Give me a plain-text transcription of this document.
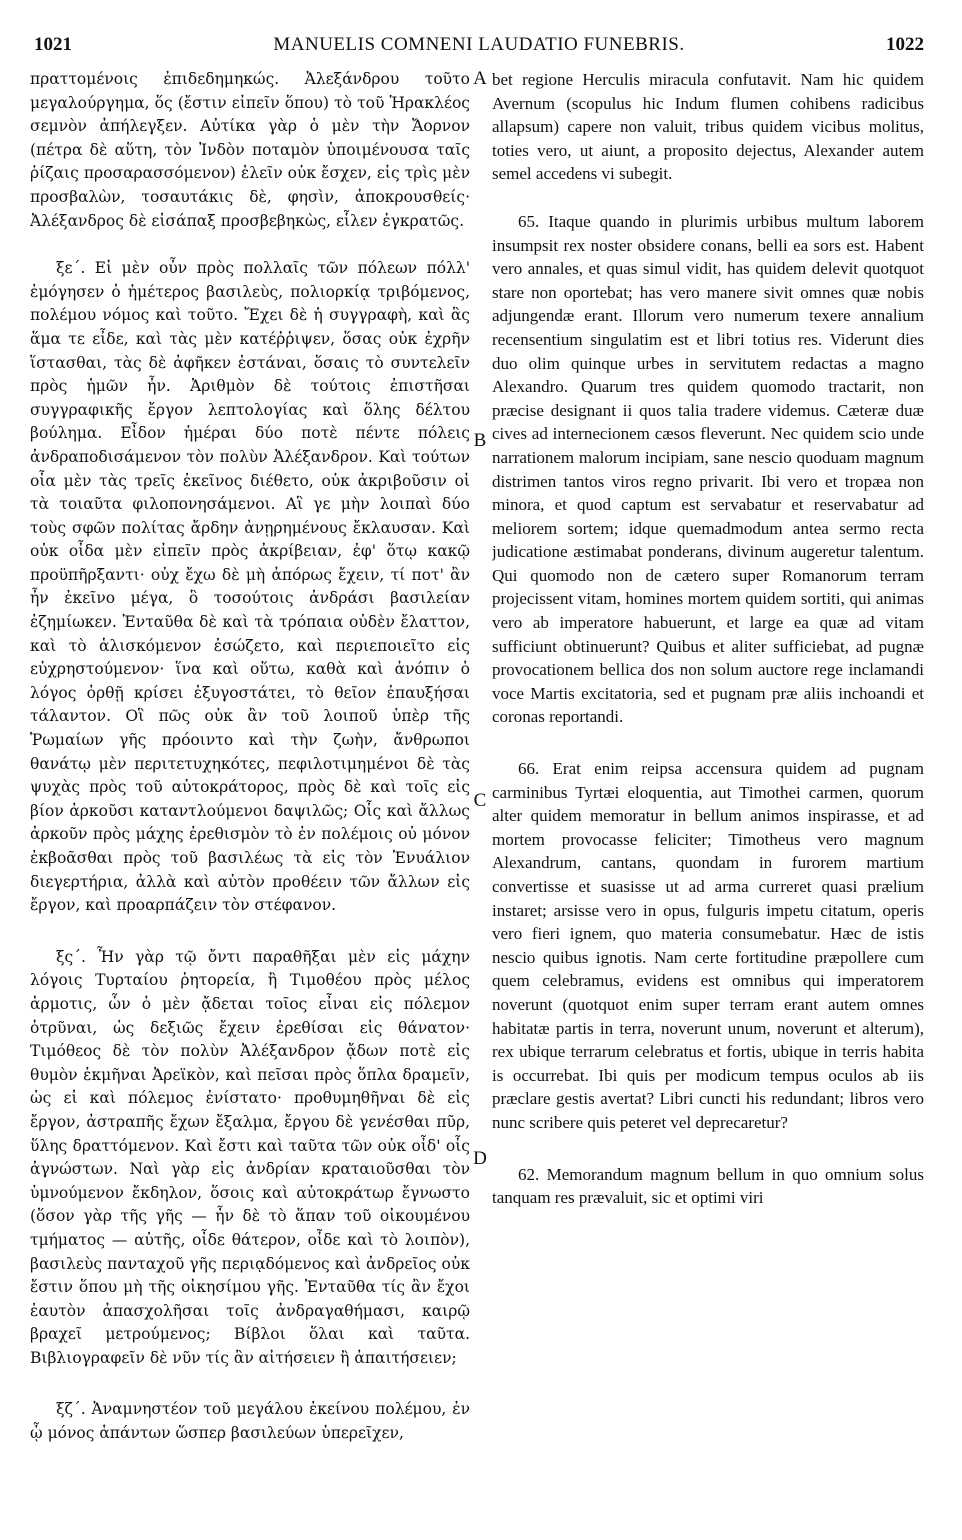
1021	MANUELIS COMNENI LAUDATIO FUNEBRIS.	1022

πραττομένοις ἐπιδεδημηκώς. Ἀλεξάνδρου τοῦτο μεγαλούργημα, ὅς (ἔστιν εἰπεῖν ὅπου) τὸ τοῦ Ἡρακλέος σεμνὸν ἀπήλεγξεν. Αὐτίκα γὰρ ὁ μὲν τὴν Ἄορνον (πέτρα δὲ αὕτη, τὸν Ἰνδὸν ποταμὸν ὑποιμένουσα ταῖς ῥίζαις προσαρασσόμενον) ἑλεῖν οὐκ ἔσχεν, εἰς τρὶς μὲν προσβαλὼν, τοσαυτάκις δὲ, φησὶν, ἀποκρουσθείς· Ἀλέξανδρος δὲ εἰσάπαξ προσβεβηκὼς, εἷλεν ἐγκρατῶς.

ξε΄. Εἰ μὲν οὖν πρὸς πολλαῖς τῶν πόλεων πόλλ' ἐμόγησεν ὁ ἡμέτερος βασιλεὺς, πολιορκίᾳ τριβόμενος, πολέμου νόμος καὶ τοῦτο. Ἔχει δὲ ἡ συγγραφὴ, καὶ ἃς ἅμα τε εἶδε, καὶ τὰς μὲν κατέῤῥιψεν, ὅσας οὐκ ἐχρῆν ἵστασθαι, τὰς δὲ ἀφῆκεν ἑστάναι, ὅσαις τὸ συντελεῖν πρὸς ἡμῶν ἦν. Ἀριθμὸν δὲ τούτοις ἐπιστῆσαι συγγραφικῆς ἔργον λεπτολογίας καὶ ὅλης δέλτου βούλημα. Εἶδον ἡμέραι δύο ποτὲ πέντε πόλεις ἀνδραποδισάμενον τὸν πολὺν Ἀλέξανδρον. Καὶ τούτων οἷα μὲν τὰς τρεῖς ἐκεῖνος διέθετο, οὐκ ἀκριβοῦσιν οἱ τὰ τοιαῦτα φιλοπονησάμενοι. Αἳ γε μὴν λοιπαὶ δύο τοὺς σφῶν πολίτας ἄρδην ἀνῃρημένους ἔκλαυσαν. Καὶ οὐκ οἶδα μὲν εἰπεῖν πρὸς ἀκρίβειαν, ἐφ' ὅτῳ κακῷ προϋπῆρξαντι· οὐχ ἔχω δὲ μὴ ἀπόρως ἔχειν, τί ποτ' ἂν ἦν ἐκεῖνο μέγα, ὃ τοσούτοις ἀνδράσι βασιλείαν ἐζημίωκεν. Ἐνταῦθα δὲ καὶ τὰ τρόπαια οὐδὲν ἔλαττον, καὶ τὸ ἁλισκόμενον ἐσώζετο, καὶ περιεποιεῖτο εἰς εὐχρηστούμενον· ἵνα καὶ οὕτω, καθὰ καὶ ἀνόπιν ὁ λόγος ὀρθῇ κρίσει ἐξυγοστάτει, τὸ θεῖον ἐπαυξήσαι τάλαντον. Οἳ πῶς οὐκ ἂν τοῦ λοιποῦ ὑπὲρ τῆς Ῥωμαίων γῆς πρόοιντο καὶ τὴν ζωὴν, ἄνθρωποι θανάτῳ μὲν περιτετυχηκότες, πεφιλοτιμημένοι δὲ τὰς ψυχὰς πρὸς τοῦ αὐτοκράτορος, πρὸς δὲ καὶ τοῖς εἰς βίον ἀρκοῦσι καταντλούμενοι δαψιλῶς; Οἷς καὶ ἄλλως ἀρκοῦν πρὸς μάχης ἐρεθισμὸν τὸ ἐν πολέμοις οὐ μόνον ἐκβοᾶσθαι πρὸς τοῦ βασιλέως τὰ εἰς τὸν Ἐνυάλιον διεγερτήρια, ἀλλὰ καὶ αὐτὸν προθέειν τῶν ἄλλων εἰς ἔργον, καὶ προαρπάζειν τὸν στέφανον.

ξς΄. Ἦν γὰρ τῷ ὄντι παραθῆξαι μὲν εἰς μάχην λόγοις Τυρταίου ῥητορεία, ἢ Τιμοθέου πρὸς μέλος ἁρμοτις, ὧν ὁ μὲν ᾄδεται τοῖος εἶναι εἰς πόλεμον ὀτρῦναι, ὡς δεξιῶς ἔχειν ἐρεθίσαι εἰς θάνατον· Τιμόθεος δὲ τὸν πολὺν Ἀλέξανδρον ᾄδων ποτὲ εἰς θυμὸν ἐκμῆναι Ἀρεϊκὸν, καὶ πεῖσαι πρὸς ὅπλα δραμεῖν, ὡς εἰ καὶ πόλεμος ἐνίστατο· προθυμηθῆναι δὲ εἰς ἔργον, ἀστραπῆς ἔχων ἔξαλμα, ἔργου δὲ γενέσθαι πῦρ, ὕλης δραττόμενον. Καὶ ἔστι καὶ ταῦτα τῶν οὐκ οἶδ' οἷς ἀγνώστων. Ναὶ γὰρ εἰς ἀνδρίαν κραταιοῦσθαι τὸν ὑμνούμενον ἔκδηλον, ὅσοις καὶ αὐτοκράτωρ ἔγνωστο (ὅσον γὰρ τῆς γῆς — ἦν δὲ τὸ ἅπαν τοῦ οἰκουμένου τμήματος — αὐτῆς, οἶδε θάτερον, οἶδε καὶ τὸ λοιπὸν), βασιλεὺς πανταχοῦ γῆς περιᾳδόμενος καὶ ἀνδρεῖος οὐκ ἔστιν ὅπου μὴ τῆς οἰκησίμου γῆς. Ἐνταῦθα τίς ἂν ἔχοι ἑαυτὸν ἀπασχολῆσαι τοῖς ἀνδραγαθήμασι, καιρῷ βραχεῖ μετρούμενος; Βίβλοι ὅλαι καὶ ταῦτα. Βιβλιογραφεῖν δὲ νῦν τίς ἂν αἰτήσειεν ἢ ἀπαιτήσειεν;

ξζ΄. Ἀναμνηστέον τοῦ μεγάλου ἐκείνου πολέμου, ἐν ᾧ μόνος ἁπάντων ὥσπερ βασιλεύων ὑπερεῖχεν,

bet regione Herculis miracula confutavit. Nam hic quidem Avernum (scopulus hic Indum flumen cohibens radicibus allapsum) capere non valuit, tribus quidem vicibus molitus, toties vero, ut aiunt, a proposito dejectus, Alexander autem semel accedens vi subegit.

65. Itaque quando in plurimis urbibus multum laborem insumpsit rex noster obsidere conans, belli ea sors est. Habent vero annales, et quas simul vidit, has quidem delevit quotquot stare non oportebat; has vero manere sivit omnes quæ nobis adjungendæ erant. Illorum vero numerum texere annalium recensentium singulatim est et libri totius res. Viderunt dies duo olim quinque urbes in servitutem redactas a magno Alexandro. Quarum tres quidem quomodo tractarit, non præcise designant ii quos talia tradere videmus. Cæteræ duæ cives ad internecionem cæsos fleverunt. Nec quidem scio unde narrationem malorum incipiam, sane nescio quoduam magnum distrimen tantos viros regno privarit. Ibi vero et tropæa non minora, et quod captum est servabatur et reservabatur ad meliorem sortem; idque quemadmodum antea sermo recta judicatione æstimabat ponderans, divinum augeretur talentum. Qui quomodo non de cætero super Romanorum terram projecissent vitam, homines mortem quidem sortiti, qui animas vero ab imperatore habuerunt, et large ea quæ ad vitam sufficiunt obtinuerunt? Quibus et aliter sufficiebat, ad pugnæ provocationem bellica dos non solum auctore rege inclamandi voce Martis excitatoria, sed et pugnam præ aliis inchoandi et coronas reportandi.

66. Erat enim reipsa accensura quidem ad pugnam carminibus Tyrtæi eloquentia, aut Timothei carmen, quorum alter quidem memoratur in bellum animos inspirasse, et ad mortem provocasse feliciter; Timotheus vero magnum Alexandrum, cantans, quondam in furorem martium convertisse et suasisse ut ad arma curreret quasi prælium instaret; arsisse vero in opus, fulguris impetu citatum, operis vero fieri ignem, quo materia consumebatur. Hæc de istis nescio quibus ignotis. Nam certe fortitudine præpollere cum quem celebramus, evidens est omnibus qui imperatorem noverunt (quotquot enim super terram erant autem omnes habitatæ partis in terra, noverunt unum, noverunt et alterum), rex ubique terrarum celebratus et fortis, ubique in terris habita is occurrebat. Ibi quis per modicum tempus oculos ab iis præclare gestis avertat? Libri cuncti his redundant; libros vero nunc scribere quis peteret vel deprecaretur?

62. Memorandum magnum bellum in quo omnium solus tanquam res prævaluit, sic et optimi viri

A
B
C
D
